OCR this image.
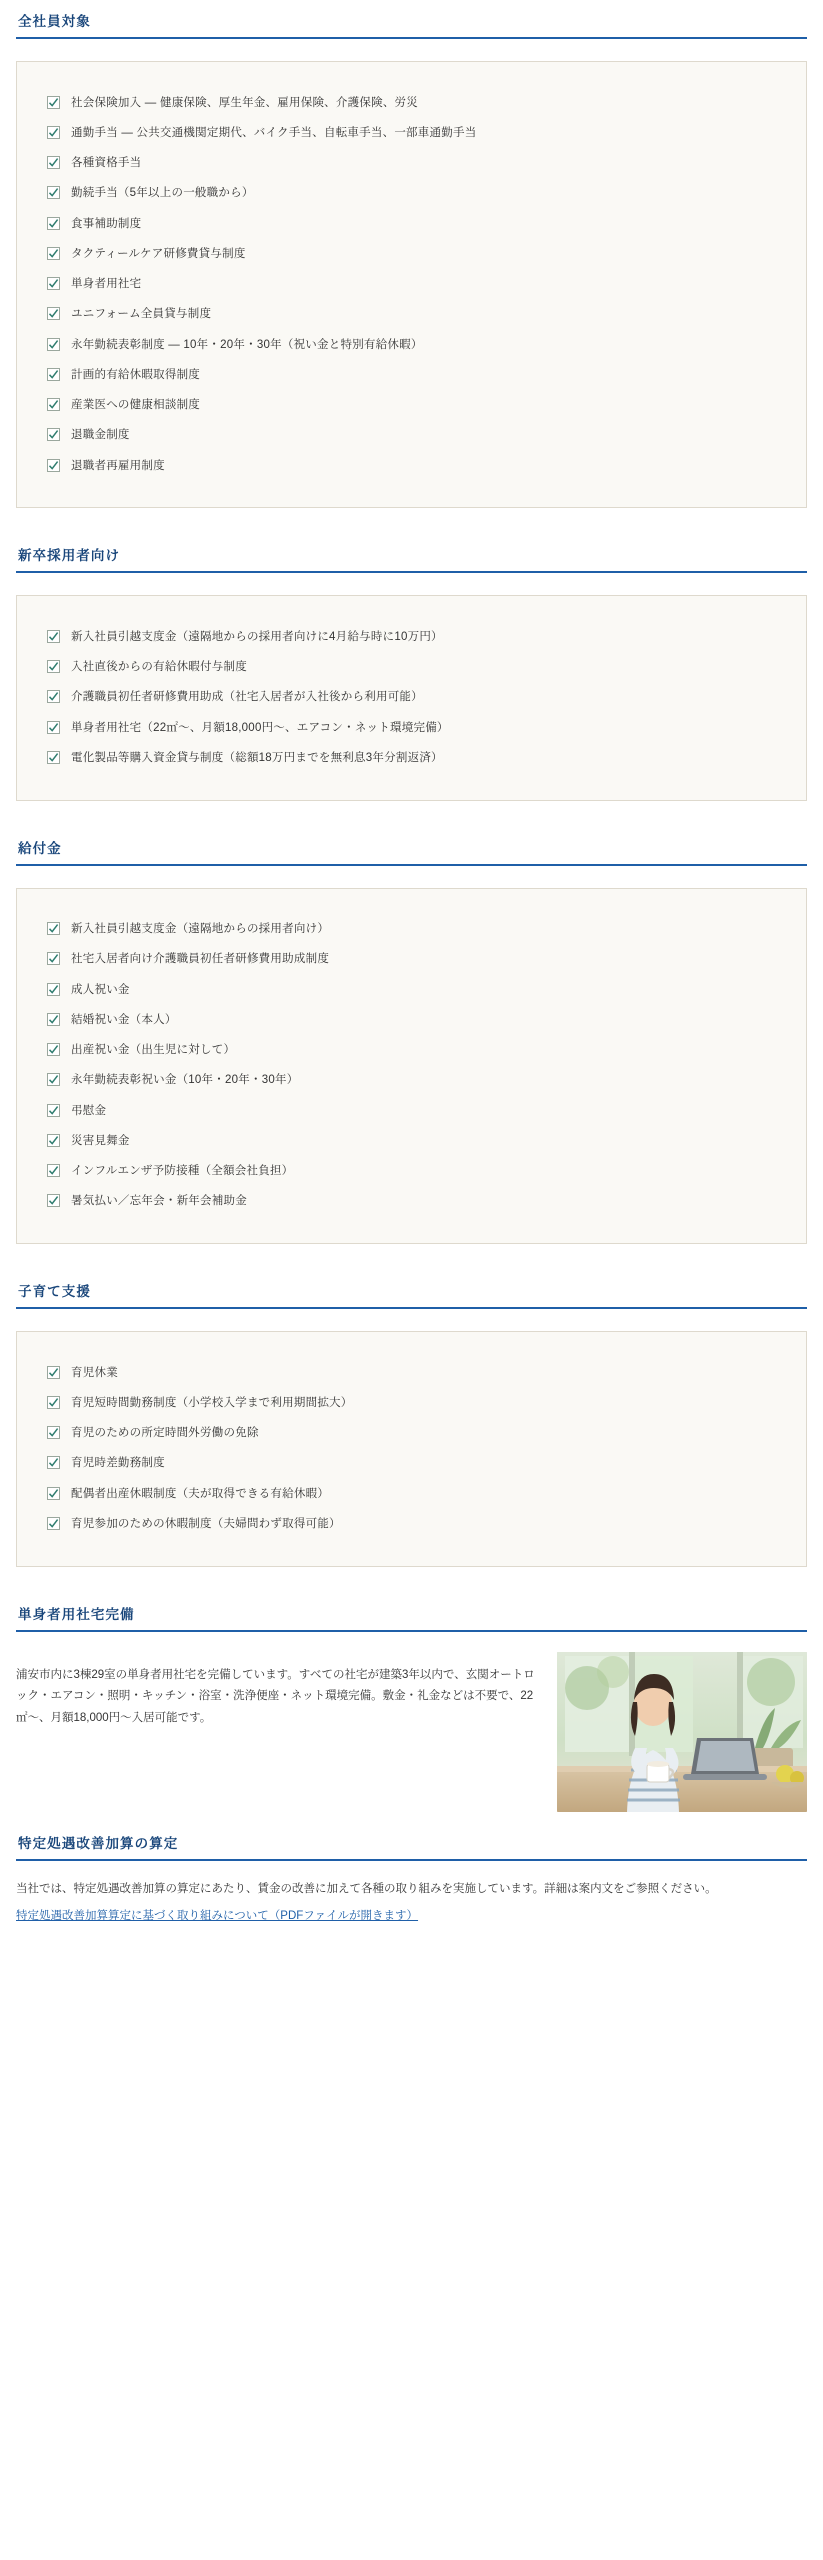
全社員対象
社会保険加入 ― 健康保険、厚生年金、雇用保険、介護保険、労災
通勤手当 ― 公共交通機関定期代、バイク手当、自転車手当、一部車通勤手当
各種資格手当
勤続手当（5年以上の一般職から）
食事補助制度
タクティールケア研修費貸与制度
単身者用社宅
ユニフォーム全員貸与制度
永年勤続表彰制度 ― 10年・20年・30年（祝い金と特別有給休暇）
計画的有給休暇取得制度
産業医への健康相談制度
退職金制度
退職者再雇用制度
新卒採用者向け
新入社員引越支度金（遠隔地からの採用者向けに4月給与時に10万円）
入社直後からの有給休暇付与制度
介護職員初任者研修費用助成（社宅入居者が入社後から利用可能）
単身者用社宅（22㎡〜、月額18,000円〜、エアコン・ネット環境完備）
電化製品等購入資金貸与制度（総額18万円までを無利息3年分割返済）
給付金
新入社員引越支度金（遠隔地からの採用者向け）
社宅入居者向け介護職員初任者研修費用助成制度
成人祝い金
結婚祝い金（本人）
出産祝い金（出生児に対して）
永年勤続表彰祝い金（10年・20年・30年）
弔慰金
災害見舞金
インフルエンザ予防接種（全額会社負担）
暑気払い／忘年会・新年会補助金
子育て支援
育児休業
育児短時間勤務制度（小学校入学まで利用期間拡大）
育児のための所定時間外労働の免除
育児時差勤務制度
配偶者出産休暇制度（夫が取得できる有給休暇）
育児参加のための休暇制度（夫婦問わず取得可能）
単身者用社宅完備

浦安市内に3棟29室の単身者用社宅を完備しています。すべての社宅が建築3年以内で、玄関オートロック・エアコン・照明・キッチン・浴室・洗浄便座・ネット環境完備。敷金・礼金などは不要で、22㎡〜、月額18,000円〜入居可能です。

特定処遇改善加算の算定

当社では、特定処遇改善加算の算定にあたり、賃金の改善に加えて各種の取り組みを実施しています。詳細は案内文をご参照ください。

特定処遇改善加算算定に基づく取り組みについて（PDFファイルが開きます）
